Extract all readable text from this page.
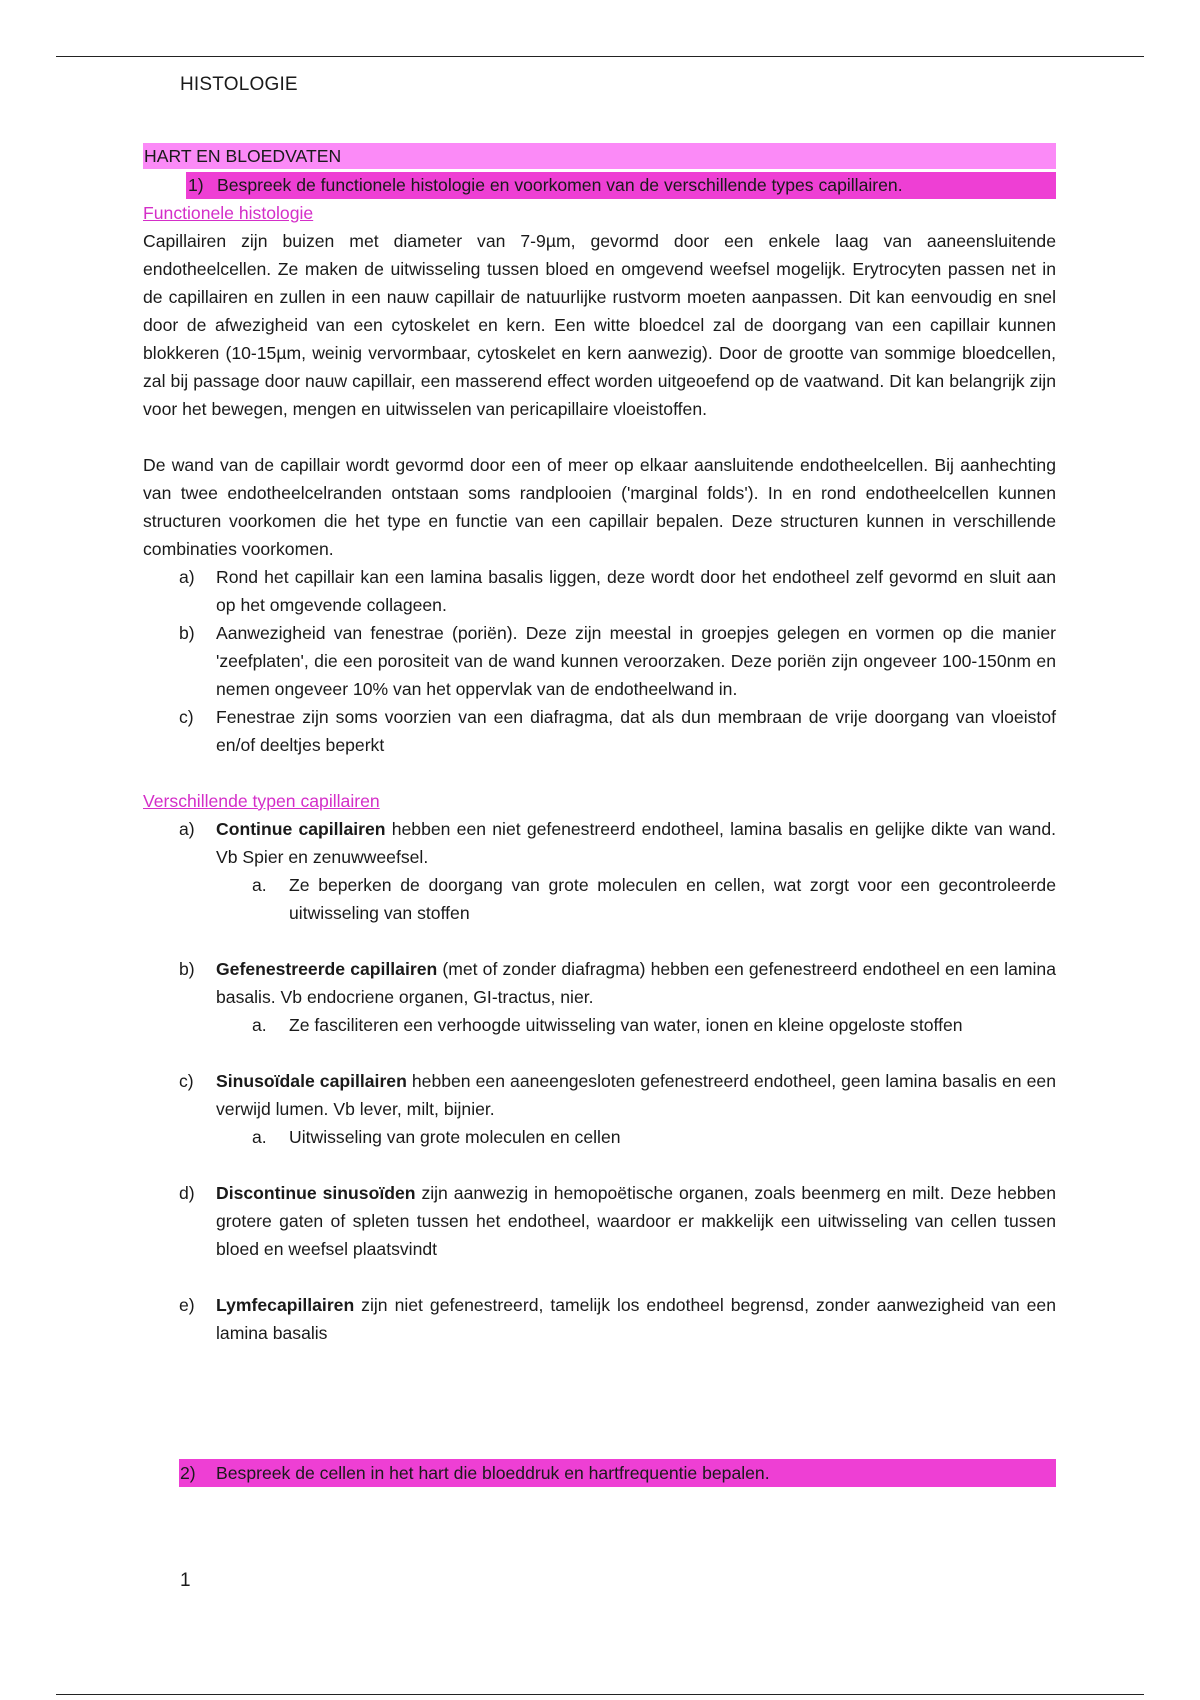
HISTOLOGIE
HART EN BLOEDVATEN
1) Bespreek de functionele histologie en voorkomen van de verschillende types capillairen.
Functionele histologie

Capillairen zijn buizen met diameter van 7-9µm, gevormd door een enkele laag van aaneensluitende endotheelcellen. Ze maken de uitwisseling tussen bloed en omgevend weefsel mogelijk. Erytrocyten passen net in de capillairen en zullen in een nauw capillair de natuurlijke rustvorm moeten aanpassen. Dit kan eenvoudig en snel door de afwezigheid van een cytoskelet en kern. Een witte bloedcel zal de doorgang van een capillair kunnen blokkeren (10-15µm, weinig vervormbaar, cytoskelet en kern aanwezig). Door de grootte van sommige bloedcellen, zal bij passage door nauw capillair, een masserend effect worden uitgeoefend op de vaatwand. Dit kan belangrijk zijn voor het bewegen, mengen en uitwisselen van pericapillaire vloeistoffen.

De wand van de capillair wordt gevormd door een of meer op elkaar aansluitende endotheelcellen. Bij aanhechting van twee endotheelcelranden ontstaan soms randplooien ('marginal folds'). In en rond endotheelcellen kunnen structuren voorkomen die het type en functie van een capillair bepalen. Deze structuren kunnen in verschillende combinaties voorkomen.

a) Rond het capillair kan een lamina basalis liggen, deze wordt door het endotheel zelf gevormd en sluit aan op het omgevende collageen.
b) Aanwezigheid van fenestrae (poriën). Deze zijn meestal in groepjes gelegen en vormen op die manier 'zeefplaten', die een porositeit van de wand kunnen veroorzaken. Deze poriën zijn ongeveer 100-150nm en nemen ongeveer 10% van het oppervlak van de endotheelwand in.
c) Fenestrae zijn soms voorzien van een diafragma, dat als dun membraan de vrije doorgang van vloeistof en/of deeltjes beperkt
Verschillende typen capillairen
a) Continue capillairen hebben een niet gefenestreerd endotheel, lamina basalis en gelijke dikte van wand. Vb Spier en zenuwweefsel.
a. Ze beperken de doorgang van grote moleculen en cellen, wat zorgt voor een gecontroleerde uitwisseling van stoffen
b) Gefenestreerde capillairen (met of zonder diafragma) hebben een gefenestreerd endotheel en een lamina basalis. Vb endocriene organen, GI-tractus, nier.
a. Ze fasciliteren een verhoogde uitwisseling van water, ionen en kleine opgeloste stoffen
c) Sinusoïdale capillairen hebben een aaneengesloten gefenestreerd endotheel, geen lamina basalis en een verwijd lumen. Vb lever, milt, bijnier.
a. Uitwisseling van grote moleculen en cellen
d) Discontinue sinusoïden zijn aanwezig in hemopoëtische organen, zoals beenmerg en milt. Deze hebben grotere gaten of spleten tussen het endotheel, waardoor er makkelijk een uitwisseling van cellen tussen bloed en weefsel plaatsvindt
e) Lymfecapillairen zijn niet gefenestreerd, tamelijk los endotheel begrensd, zonder aanwezigheid van een lamina basalis
2) Bespreek de cellen in het hart die bloeddruk en hartfrequentie bepalen.
1
